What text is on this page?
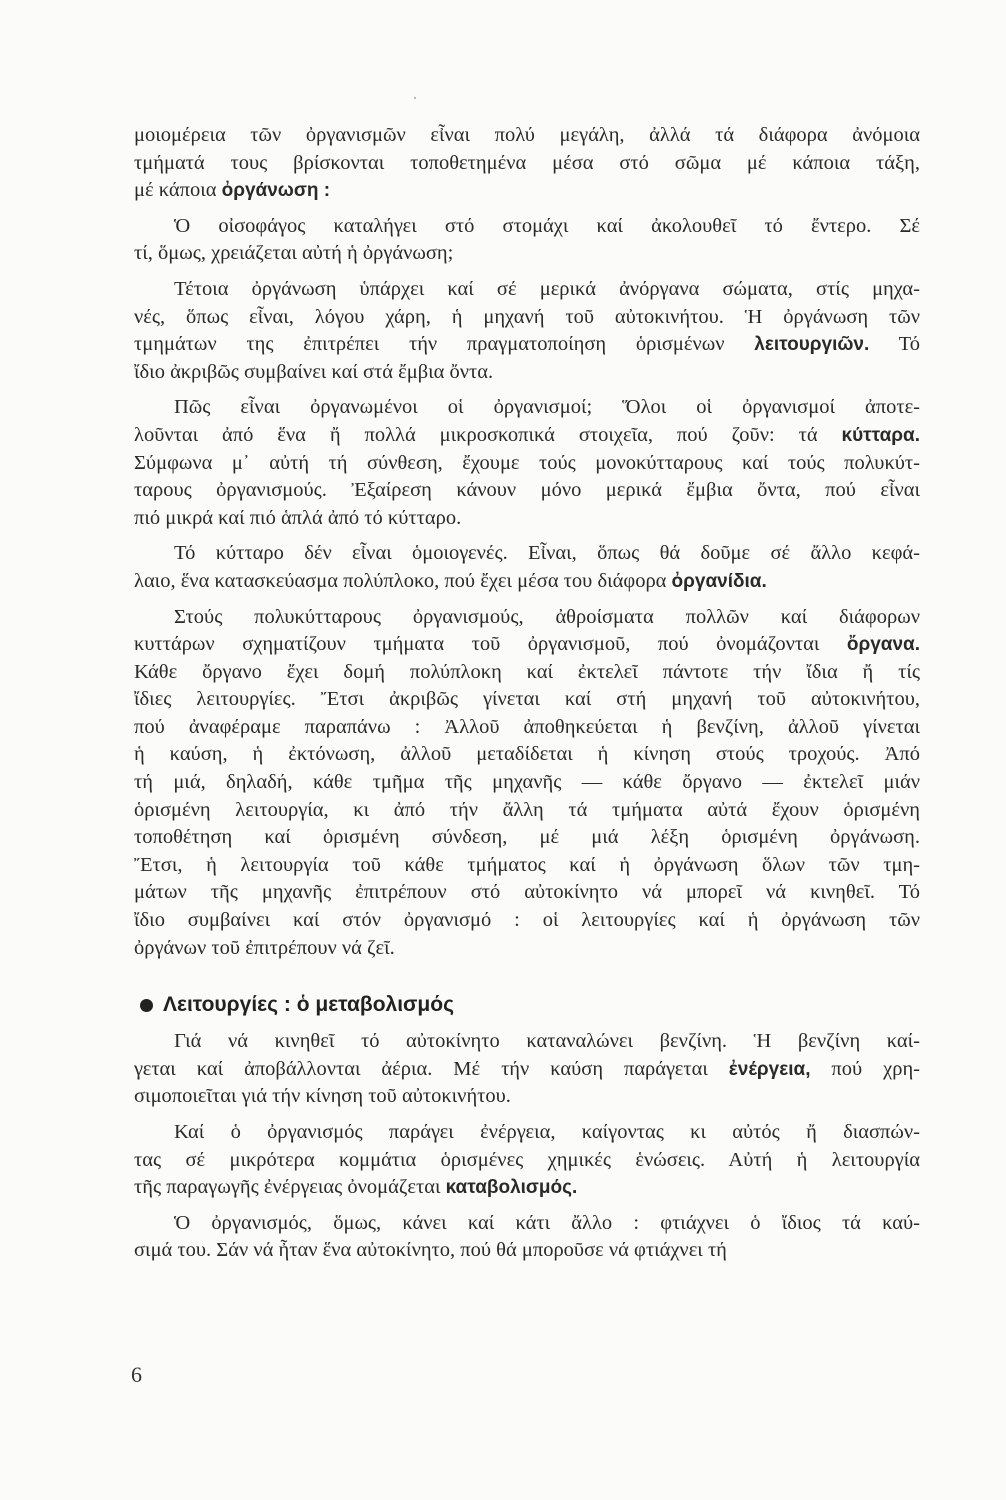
μοιομέρεια τῶν ὀργανισμῶν εἶναι πολύ μεγάλη, ἀλλά τά διάφορα ἀνόμοια
τμήματά τους βρίσκονται τοποθετημένα μέσα στό σῶμα μέ κάποια τάξη,
μέ κάποια ὀργάνωση :

Ὁ οἰσοφάγος καταλήγει στό στομάχι καί ἀκολουθεῖ τό ἔντερο. Σέ
τί, ὅμως, χρειάζεται αὐτή ἡ ὀργάνωση;

Τέτοια ὀργάνωση ὑπάρχει καί σέ μερικά ἀνόργανα σώματα, στίς μηχα-
νές, ὅπως εἶναι, λόγου χάρη, ἡ μηχανή τοῦ αὐτοκινήτου. Ἡ ὀργάνωση τῶν
τμημάτων της ἐπιτρέπει τήν πραγματοποίηση ὁρισμένων λειτουργιῶν. Τό
ἴδιο ἀκριβῶς συμβαίνει καί στά ἔμβια ὄντα.

Πῶς εἶναι ὀργανωμένοι οἱ ὀργανισμοί; Ὅλοι οἱ ὀργανισμοί ἀποτε-
λοῦνται ἀπό ἕνα ἤ πολλά μικροσκοπικά στοιχεῖα, πού ζοῦν: τά κύτταρα.
Σύμφωνα μ᾽ αὐτή τή σύνθεση, ἔχουμε τούς μονοκύτταρους καί τούς πολυκύτ-
ταρους ὀργανισμούς. Ἐξαίρεση κάνουν μόνο μερικά ἔμβια ὄντα, πού εἶναι
πιό μικρά καί πιό ἁπλά ἀπό τό κύτταρο.

Τό κύτταρο δέν εἶναι ὁμοιογενές. Εἶναι, ὅπως θά δοῦμε σέ ἄλλο κεφά-
λαιο, ἕνα κατασκεύασμα πολύπλοκο, πού ἔχει μέσα του διάφορα ὀργανίδια.

Στούς πολυκύτταρους ὀργανισμούς, ἀθροίσματα πολλῶν καί διάφορων
κυττάρων σχηματίζουν τμήματα τοῦ ὀργανισμοῦ, πού ὀνομάζονται ὄργανα.
Κάθε ὄργανο ἔχει δομή πολύπλοκη καί ἐκτελεῖ πάντοτε τήν ἴδια ἤ τίς
ἴδιες λειτουργίες. Ἔτσι ἀκριβῶς γίνεται καί στή μηχανή τοῦ αὐτοκινήτου,
πού ἀναφέραμε παραπάνω : Ἀλλοῦ ἀποθηκεύεται ἡ βενζίνη, ἀλλοῦ γίνεται
ἡ καύση, ἡ ἐκτόνωση, ἀλλοῦ μεταδίδεται ἡ κίνηση στούς τροχούς. Ἀπό
τή μιά, δηλαδή, κάθε τμῆμα τῆς μηχανῆς — κάθε ὄργανο — ἐκτελεῖ μιάν
ὁρισμένη λειτουργία, κι ἀπό τήν ἄλλη τά τμήματα αὐτά ἔχουν ὁρισμένη
τοποθέτηση καί ὁρισμένη σύνδεση, μέ μιά λέξη ὁρισμένη ὀργάνωση.
Ἔτσι, ἡ λειτουργία τοῦ κάθε τμήματος καί ἡ ὀργάνωση ὅλων τῶν τμη-
μάτων τῆς μηχανῆς ἐπιτρέπουν στό αὐτοκίνητο νά μπορεῖ νά κινηθεῖ. Τό
ἴδιο συμβαίνει καί στόν ὀργανισμό : οἱ λειτουργίες καί ἡ ὀργάνωση τῶν
ὀργάνων τοῦ ἐπιτρέπουν νά ζεῖ.

Λειτουργίες : ὁ μεταβολισμός

Γιά νά κινηθεῖ τό αὐτοκίνητο καταναλώνει βενζίνη. Ἡ βενζίνη καί-
γεται καί ἀποβάλλονται ἀέρια. Μέ τήν καύση παράγεται ἐνέργεια, πού χρη-
σιμοποιεῖται γιά τήν κίνηση τοῦ αὐτοκινήτου.

Καί ὁ ὀργανισμός παράγει ἐνέργεια, καίγοντας κι αὐτός ἤ διασπών-
τας σέ μικρότερα κομμάτια ὁρισμένες χημικές ἑνώσεις. Αὐτή ἡ λειτουργία
τῆς παραγωγῆς ἐνέργειας ὀνομάζεται καταβολισμός.

Ὁ ὀργανισμός, ὅμως, κάνει καί κάτι ἄλλο : φτιάχνει ὁ ἴδιος τά καύ-
σιμά του. Σάν νά ἦταν ἕνα αὐτοκίνητο, πού θά μποροῦσε νά φτιάχνει τή

6
